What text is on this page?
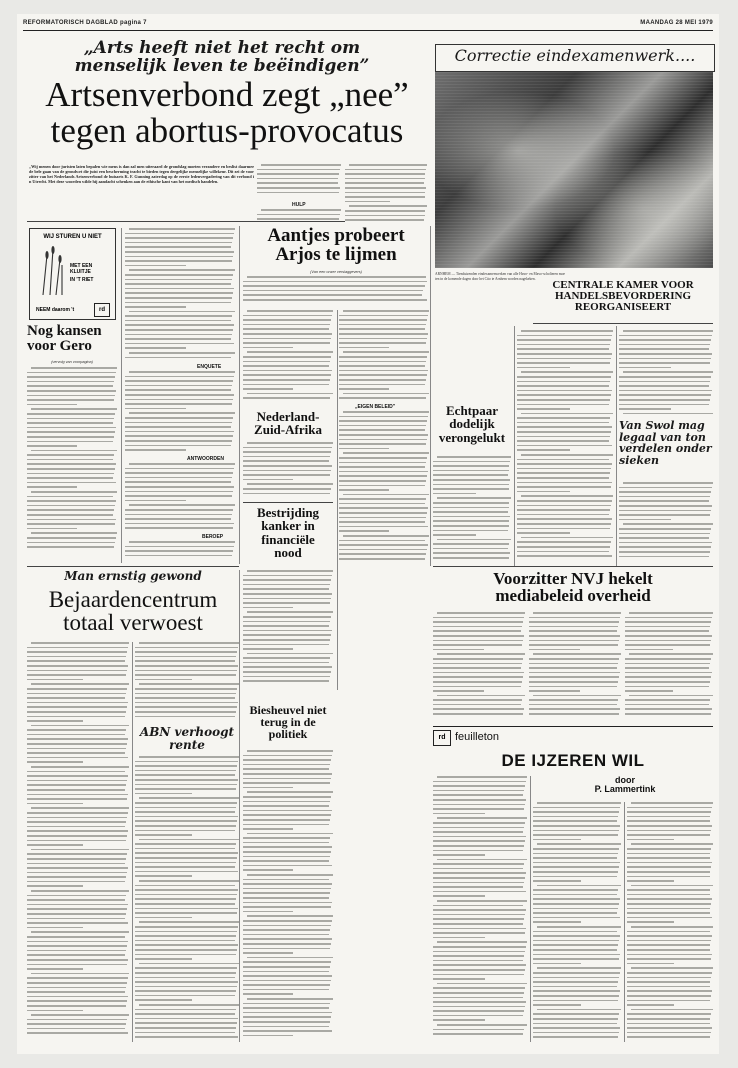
REFORMATORISCH DAGBLAD pagina 7	MAANDAG 28 MEI 1979
„Arts heeft niet het recht om
menselijk leven te beëindigen”
Artsenverbond zegt „nee”
tegen abortus-provocatus
„Wij menen door juristen laten bepalen wie mens is dan zal men uiteraard de grondslag moeten verandere en beslist daarmee de bele gaan van de grondwet die juist een bescherming tracht te bieden tegen dergelijke menselijke willekeur. Dit zei de voorzitter van het Nederlands Artsenverbond de huisarts K. F. Gunning zaterdag op de eerste ledenvergadering van dit verbond in Utrecht. Met deze woorden wilde hij aandacht schenken aan de ethische kant van het medisch handelen.
HULP
WIJ STUREN U NIET
MET EEN KLUITJE
IN 'T RIET
NEEM daarom 't	rd
Nog kansen voor Gero
(vervolg van voorpagina)
ENQUETE
ANTWOORDEN
BEROEP
Aantjes probeert
Arjos te lijmen
(Van een onzer verslaggevers)
„EIGEN BELEID”
Nederland-
Zuid-Afrika
Bestrijding
kanker in
financiële
nood
Man ernstig gewond
Bejaardencentrum
totaal verwoest
ABN verhoogt
rente
Biesheuvel niet
terug in de
politiek
Echtpaar
dodelijk
verongelukt
Correctie eindexamenwerk....
ARNHEM — Tienduizenden eindexamenwerken van alle Havo- en Mavo-scholieren moeten in de komende dagen door het Cito te Arnhem worden nagekeken.
CENTRALE KAMER VOOR
HANDELSBEVORDERING
REORGANISEERT
Van Swol mag legaal van ton verdelen onder sieken
Voorzitter NVJ hekelt
mediabeleid overheid
rd feuilleton
DE IJZEREN WIL
door
P. Lammertink
